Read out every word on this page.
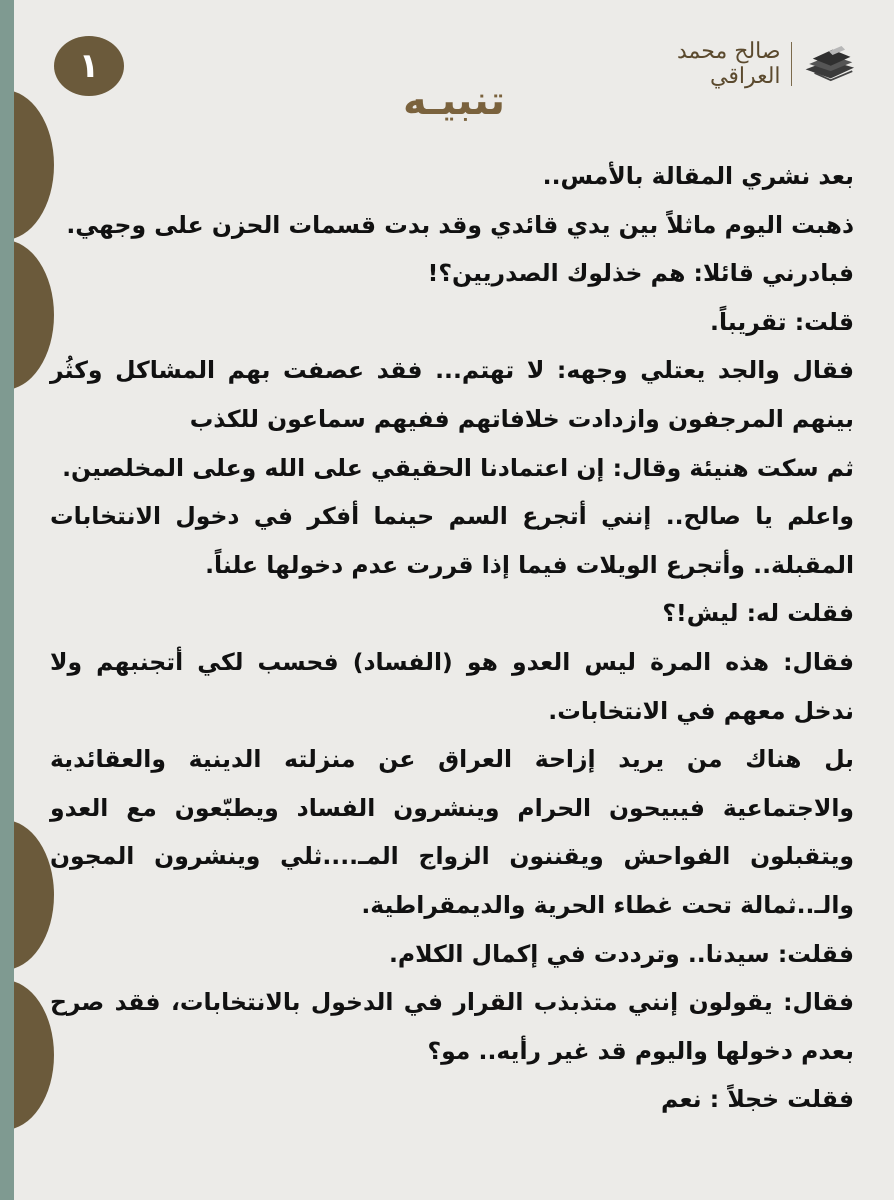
١	صالح محمد العراقي
تنبيـه

بعد نشري المقالة بالأمس..

ذهبت اليوم ماثلاً بين يدي قائدي وقد بدت قسمات الحزن على وجهي.

فبادرني قائلا: هم خذلوك الصدريين؟!

قلت: تقريباً.

فقال والجد يعتلي وجهه: لا تهتم... فقد عصفت بهم المشاكل وكثُر بينهم المرجفون وازدادت خلافاتهم ففيهم سماعون للكذب

ثم سكت هنيئة وقال: إن اعتمادنا الحقيقي على الله وعلى المخلصين.

واعلم يا صالح.. إنني أتجرع السم حينما أفكر في دخول الانتخابات المقبلة.. وأتجرع الويلات فيما إذا قررت عدم دخولها علناً.

فقلت له: ليش!؟

فقال: هذه المرة ليس العدو هو (الفساد) فحسب لكي أتجنبهم ولا ندخل معهم في الانتخابات.

بل هناك من يريد إزاحة العراق عن منزلته الدينية والعقائدية والاجتماعية فيبيحون الحرام وينشرون الفساد ويطبّعون مع العدو ويتقبلون الفواحش ويقننون الزواج المـ....ثلي وينشرون المجون والـ..ثمالة تحت غطاء الحرية والديمقراطية.

فقلت: سيدنا.. وترددت في إكمال الكلام.

فقال: يقولون إنني متذبذب القرار في الدخول بالانتخابات، فقد صرح بعدم دخولها واليوم قد غير رأيه.. مو؟

فقلت خجلاً : نعم
